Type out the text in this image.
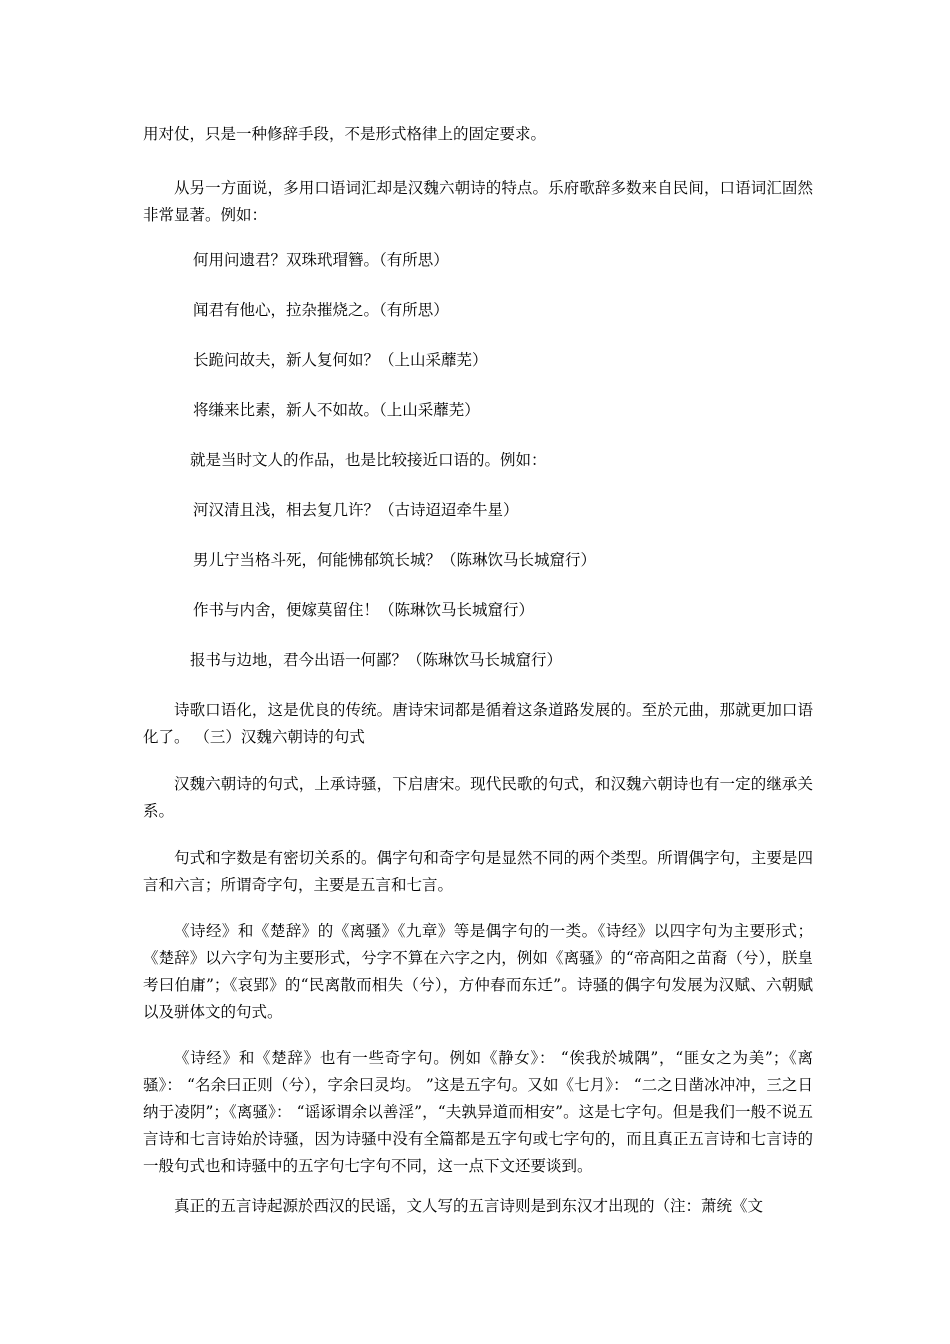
用对仗，只是一种修辞手段，不是形式格律上的固定要求。

从另一方面说，多用口语词汇却是汉魏六朝诗的特点。乐府歌辞多数来自民间，口语词汇固然非常显著。例如：

何用问遗君？双珠玳瑁簪。（有所思）

闻君有他心，拉杂摧烧之。（有所思）

长跪问故夫，新人复何如？（上山采蘼芜）

将缣来比素，新人不如故。（上山采蘼芜）

就是当时文人的作品，也是比较接近口语的。例如：

河汉清且浅，相去复几许？（古诗迢迢牵牛星）

男儿宁当格斗死，何能怫郁筑长城？（陈琳饮马长城窟行）

作书与内舍，便嫁莫留住！（陈琳饮马长城窟行）

报书与边地，君今出语一何鄙？（陈琳饮马长城窟行）

诗歌口语化，这是优良的传统。唐诗宋词都是循着这条道路发展的。至於元曲，那就更加口语化了。 （三）汉魏六朝诗的句式

汉魏六朝诗的句式，上承诗骚，下启唐宋。现代民歌的句式，和汉魏六朝诗也有一定的继承关系。

句式和字数是有密切关系的。偶字句和奇字句是显然不同的两个类型。所谓偶字句，主要是四言和六言；所谓奇字句，主要是五言和七言。

《诗经》和《楚辞》的《离骚》《九章》等是偶字句的一类。《诗经》以四字句为主要形式；《楚辞》以六字句为主要形式，兮字不算在六字之内，例如《离骚》的“帝高阳之苗裔（兮），朕皇考曰伯庸”；《哀郢》的“民离散而相失（兮），方仲春而东迁”。诗骚的偶字句发展为汉赋、六朝赋以及骈体文的句式。

《诗经》和《楚辞》也有一些奇字句。例如《静女》： “俟我於城隅”，“匪女之为美”；《离骚》： “名余曰正则（兮），字余曰灵均。 ”这是五字句。又如《七月》： “二之日凿冰冲冲，三之日纳于凌阴”；《离骚》： “谣诼谓余以善淫”，“夫孰异道而相安”。这是七字句。但是我们一般不说五言诗和七言诗始於诗骚，因为诗骚中没有全篇都是五字句或七字句的，而且真正五言诗和七言诗的一般句式也和诗骚中的五字句七字句不同，这一点下文还要谈到。

真正的五言诗起源於西汉的民谣，文人写的五言诗则是到东汉才出现的（注：萧统《文
